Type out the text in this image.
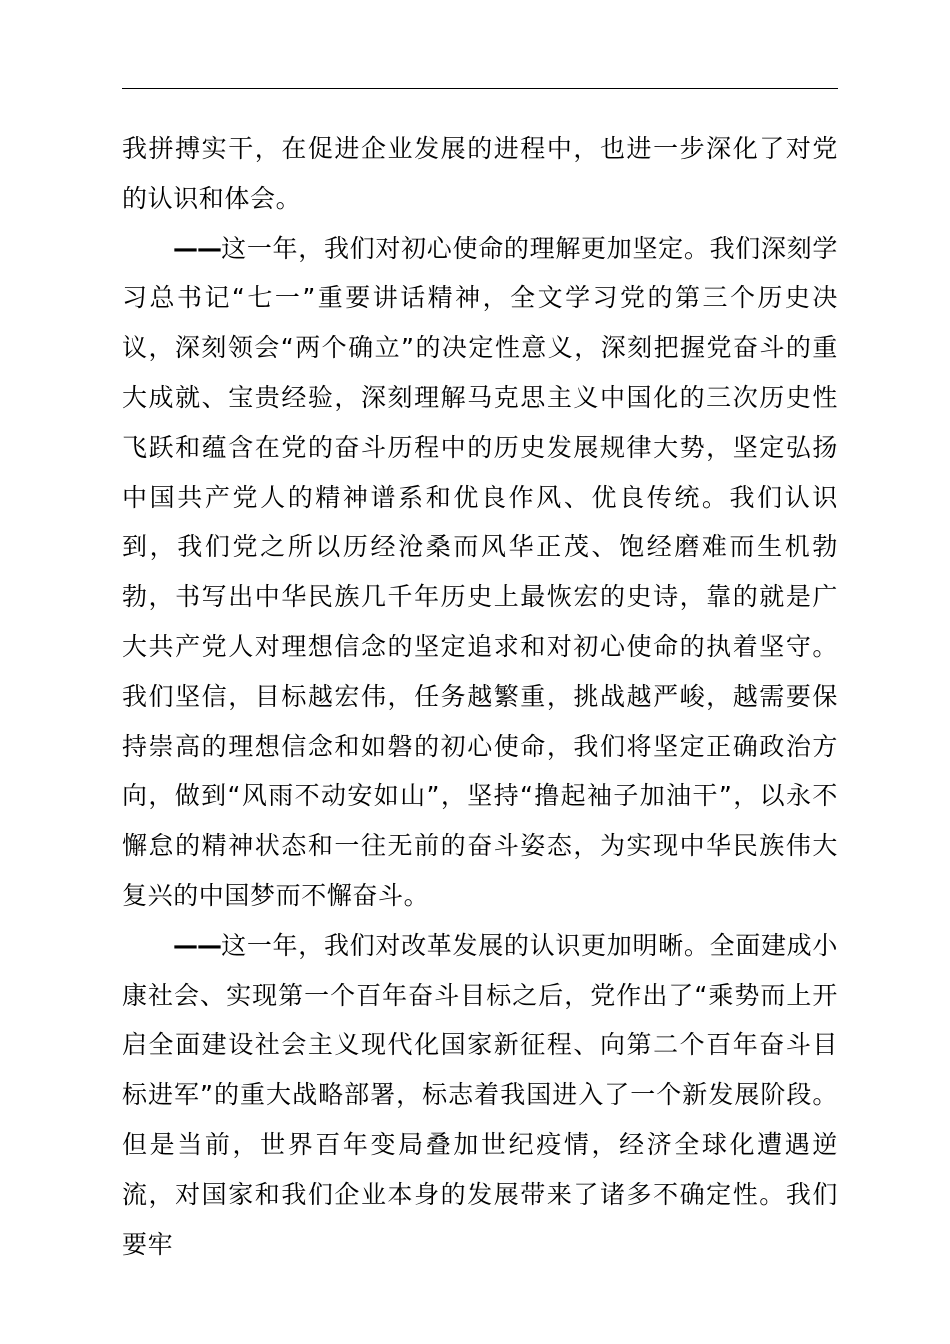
我拼搏实干，在促进企业发展的进程中，也进一步深化了对党的认识和体会。

——这一年，我们对初心使命的理解更加坚定。我们深刻学习总书记“七一”重要讲话精神，全文学习党的第三个历史决议，深刻领会“两个确立”的决定性意义，深刻把握党奋斗的重大成就、宝贵经验，深刻理解马克思主义中国化的三次历史性飞跃和蕴含在党的奋斗历程中的历史发展规律大势，坚定弘扬中国共产党人的精神谱系和优良作风、优良传统。我们认识到，我们党之所以历经沧桑而风华正茂、饱经磨难而生机勃勃，书写出中华民族几千年历史上最恢宏的史诗，靠的就是广大共产党人对理想信念的坚定追求和对初心使命的执着坚守。我们坚信，目标越宏伟，任务越繁重，挑战越严峻，越需要保持崇高的理想信念和如磐的初心使命，我们将坚定正确政治方向，做到“风雨不动安如山”，坚持“撸起袖子加油干”，以永不懈怠的精神状态和一往无前的奋斗姿态，为实现中华民族伟大复兴的中国梦而不懈奋斗。

——这一年，我们对改革发展的认识更加明晰。全面建成小康社会、实现第一个百年奋斗目标之后，党作出了“乘势而上开启全面建设社会主义现代化国家新征程、向第二个百年奋斗目标进军”的重大战略部署，标志着我国进入了一个新发展阶段。但是当前，世界百年变局叠加世纪疫情，经济全球化遭遇逆流，对国家和我们企业本身的发展带来了诸多不确定性。我们要牢
